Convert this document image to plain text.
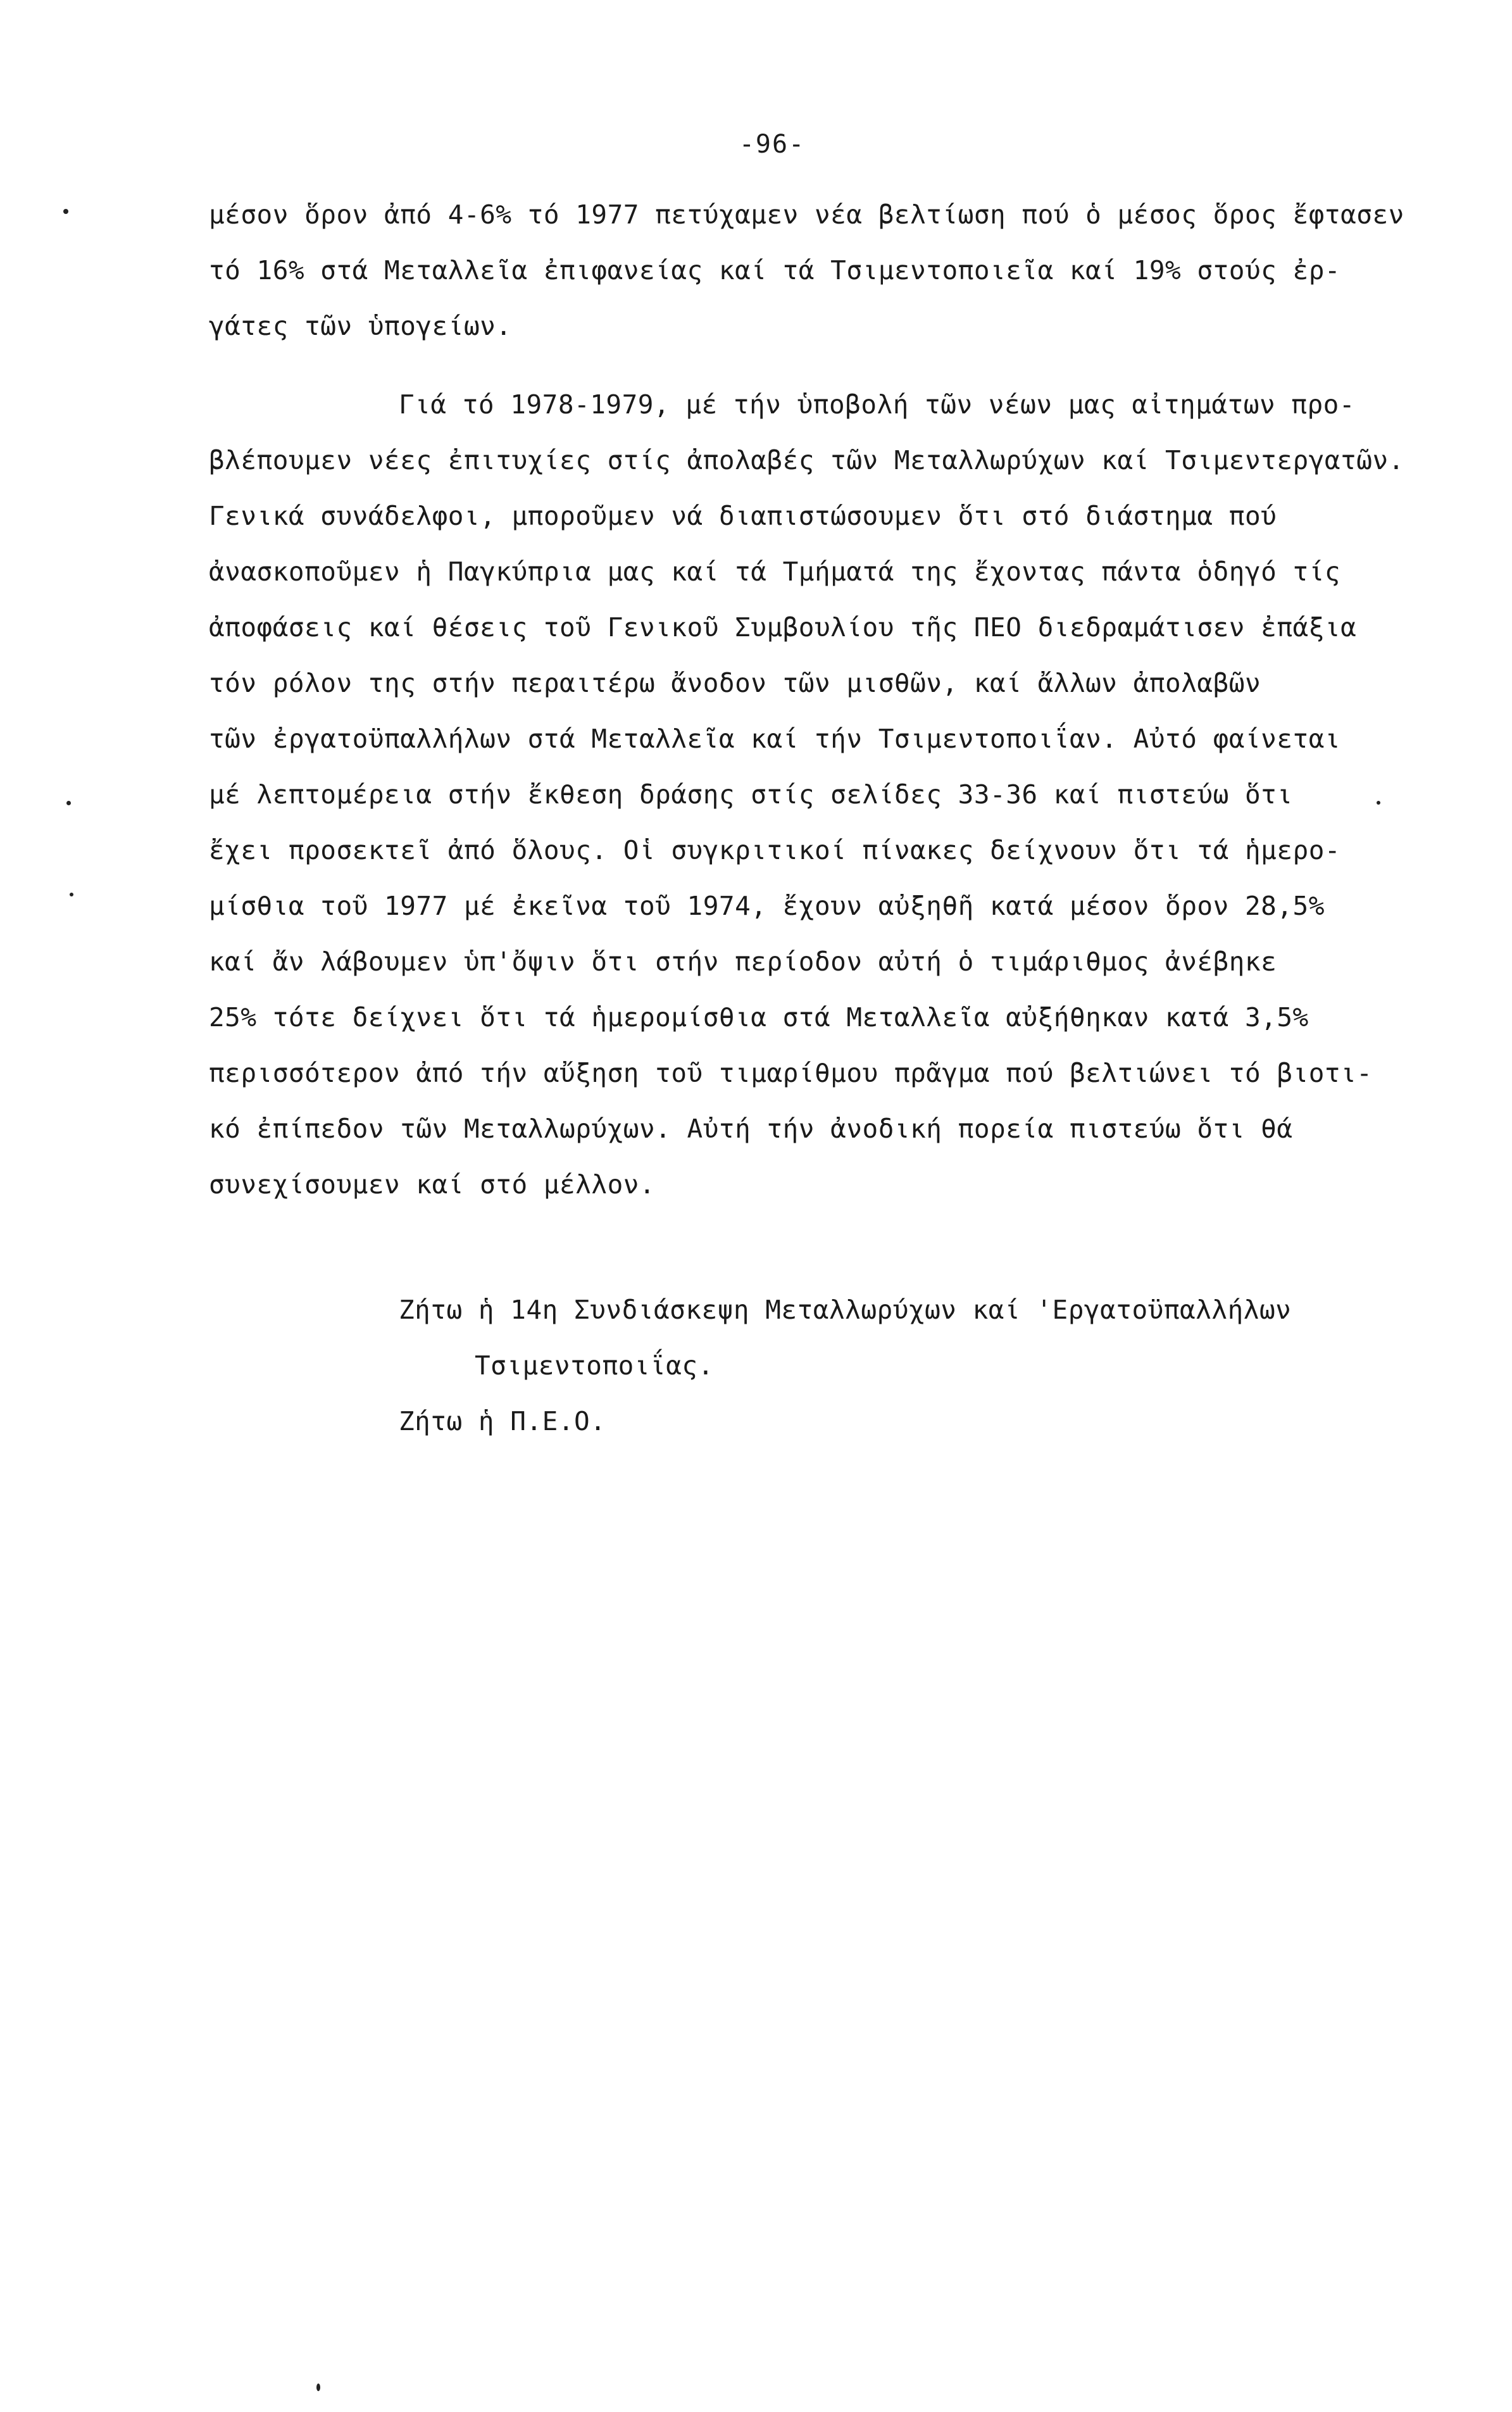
-96-
μέσον ὅρον ἀπό 4-6% τό 1977 πετύχαμεν νέα βελτίωση πού ὁ μέσος ὅρος ἔφτασεν
τό 16% στά Μεταλλεῖα ἐπιφανείας καί τά Τσιμεντοποιεῖα καί 19% στούς ἐρ-
γάτες τῶν ὑπογείων.
Γιά τό 1978-1979, μέ τήν ὑποβολή τῶν νέων μας αἰτημάτων προ-
βλέπουμεν νέες ἐπιτυχίες στίς ἀπολαβές τῶν Μεταλλωρύχων καί Τσιμεντεργατῶν.
Γενικά συνάδελφοι, μποροῦμεν νά διαπιστώσουμεν ὅτι στό διάστημα πού
ἀνασκοποῦμεν ἡ Παγκύπρια μας καί τά Τμήματά της ἔχοντας πάντα ὁδηγό τίς
ἀποφάσεις καί θέσεις τοῦ Γενικοῦ Συμβουλίου τῆς ΠΕΟ διεδραμάτισεν ἐπάξια
τόν ρόλον της στήν περαιτέρω ἄνοδον τῶν μισθῶν, καί ἄλλων ἀπολαβῶν
τῶν ἐργατοϋπαλλήλων στά Μεταλλεῖα καί τήν Τσιμεντοποιΐαν. Αὐτό φαίνεται
μέ λεπτομέρεια στήν ἔκθεση δράσης στίς σελίδες 33-36 καί πιστεύω ὅτι
ἔχει προσεκτεῖ ἀπό ὅλους. Οἱ συγκριτικοί πίνακες δείχνουν ὅτι τά ἡμερο-
μίσθια τοῦ 1977 μέ ἐκεῖνα τοῦ 1974, ἔχουν αὐξηθῆ κατά μέσον ὅρον 28,5%
καί ἄν λάβουμεν ὑπ'ὄψιν ὅτι στήν περίοδον αὐτή ὁ τιμάριθμος ἀνέβηκε
25% τότε δείχνει ὅτι τά ἡμερομίσθια στά Μεταλλεῖα αὐξήθηκαν κατά 3,5%
περισσότερον ἀπό τήν αὔξηση τοῦ τιμαρίθμου πρᾶγμα πού βελτιώνει τό βιοτι-
κό ἐπίπεδον τῶν Μεταλλωρύχων. Αὐτή τήν ἀνοδική πορεία πιστεύω ὅτι θά
συνεχίσουμεν καί στό μέλλον.
Ζήτω ἡ 14η Συνδιάσκεψη Μεταλλωρύχων καί 'Εργατοϋπαλλήλων
Τσιμεντοποιΐας.
Ζήτω ἡ Π.Ε.Ο.
